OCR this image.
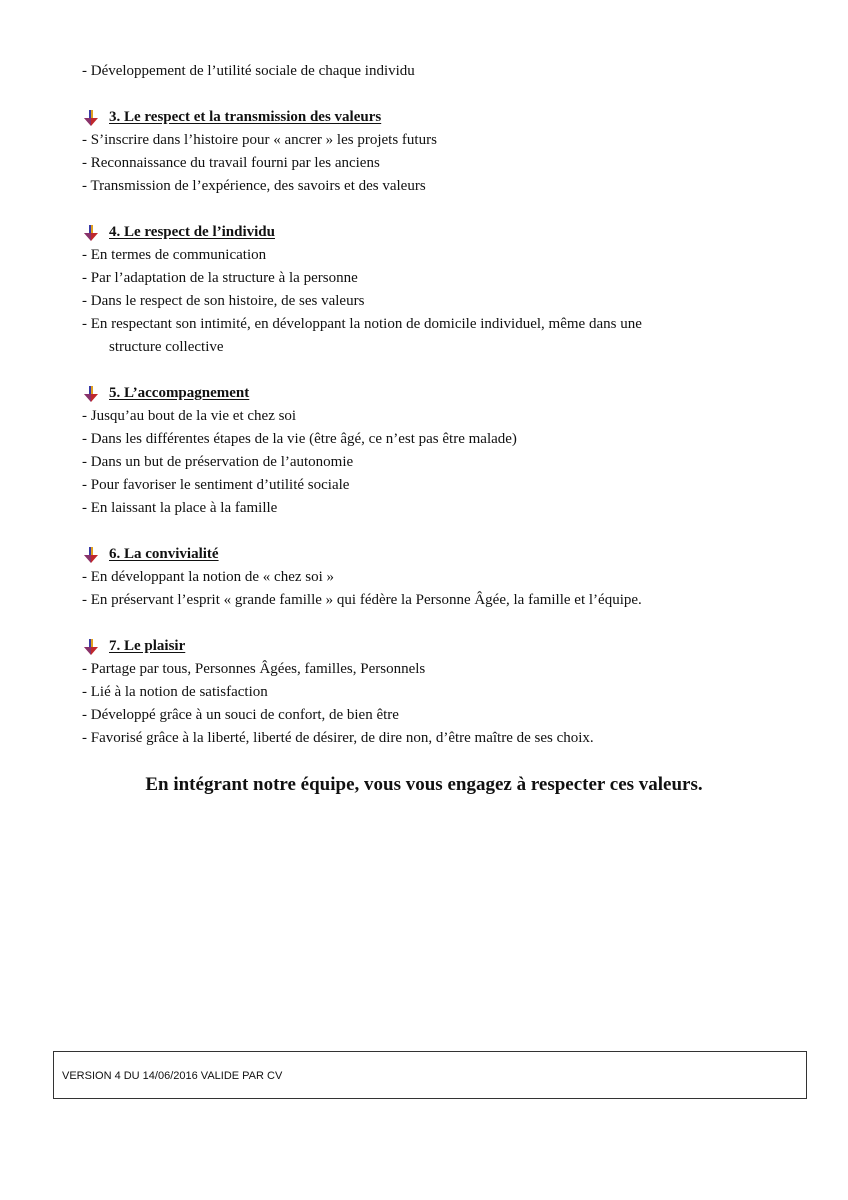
- Développement de l’utilité sociale de chaque individu
3. Le respect et la transmission des valeurs
- S’inscrire dans l’histoire pour « ancrer » les projets futurs
- Reconnaissance du travail fourni par les anciens
- Transmission de l’expérience, des savoirs et des valeurs
4. Le respect de l’individu
- En termes de communication
- Par l’adaptation de la structure à la personne
- Dans le respect de son histoire, de ses valeurs
- En respectant son intimité, en développant la notion de domicile individuel, même dans une
structure collective
5. L’accompagnement
- Jusqu’au bout de la vie et chez soi
- Dans les différentes étapes de la vie (être âgé, ce n’est pas être malade)
- Dans un but de préservation de l’autonomie
- Pour favoriser le sentiment d’utilité sociale
- En laissant la place à la famille
6. La convivialité
- En développant la notion de « chez soi »
- En préservant l’esprit « grande famille » qui fédère la Personne Âgée, la famille et l’équipe.
7. Le plaisir
- Partage par tous, Personnes Âgées, familles, Personnels
- Lié à la notion de satisfaction
- Développé grâce à un souci de confort, de bien être
- Favorisé grâce à la liberté, liberté de désirer, de dire non, d’être maître de ses choix.
En intégrant notre équipe, vous vous engagez à respecter ces valeurs.
VERSION 4 DU 14/06/2016 VALIDE PAR CV
